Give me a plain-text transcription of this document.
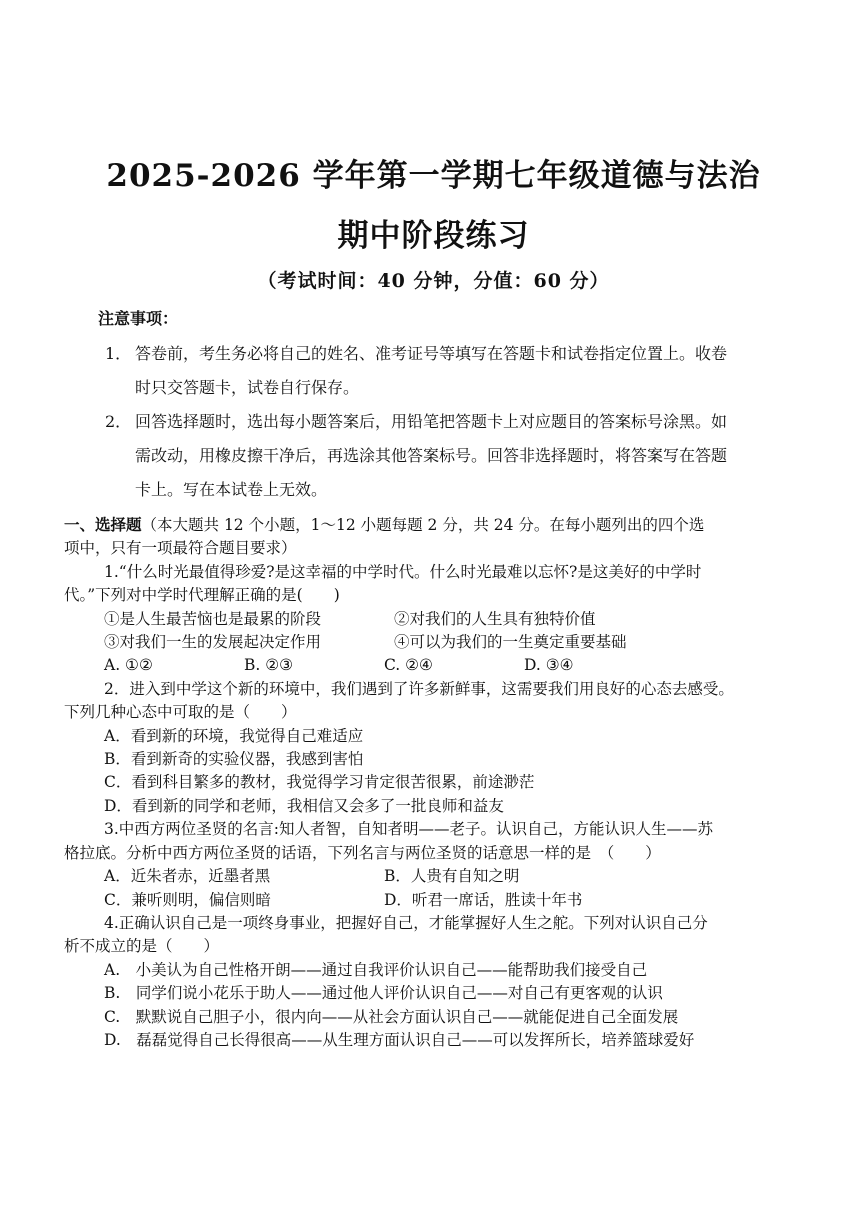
2025-2026 学年第一学期七年级道德与法治
期中阶段练习
（考试时间：40 分钟，分值：60 分）
注意事项：
1． 答卷前，考生务必将自己的姓名、准考证号等填写在答题卡和试卷指定位置上。收卷
时只交答题卡，试卷自行保存。
2． 回答选择题时，选出每小题答案后，用铅笔把答题卡上对应题目的答案标号涂黑。如
需改动，用橡皮擦干净后，再选涂其他答案标号。回答非选择题时，将答案写在答题
卡上。写在本试卷上无效。
一、选择题（本大题共 12 个小题，1～12 小题每题 2 分，共 24 分。在每小题列出的四个选
项中，只有一项最符合题目要求）
1.“什么时光最值得珍爱?是这幸福的中学时代。什么时光最难以忘怀?是这美好的中学时
代。”下列对中学时代理解正确的是(　　)
①是人生最苦恼也是最累的阶段	②对我们的人生具有独特价值
③对我们一生的发展起决定作用	④可以为我们的一生奠定重要基础
A. ①②	B. ②③	C. ②④	D. ③④
2．进入到中学这个新的环境中，我们遇到了许多新鲜事，这需要我们用良好的心态去感受。
下列几种心态中可取的是（　　）
A．看到新的环境，我觉得自己难适应
B．看到新奇的实验仪器，我感到害怕
C．看到科目繁多的教材，我觉得学习肯定很苦很累，前途渺茫
D．看到新的同学和老师，我相信又会多了一批良师和益友
3.中西方两位圣贤的名言:知人者智，自知者明——老子。认识自己，方能认识人生——苏
格拉底。分析中西方两位圣贤的话语，下列名言与两位圣贤的话意思一样的是　（　　）
A．近朱者赤，近墨者黑	B．人贵有自知之明
C．兼听则明，偏信则暗	D．听君一席话，胜读十年书
4.正确认识自己是一项终身事业，把握好自己，才能掌握好人生之舵。下列对认识自己分
析不成立的是（　　）
A.　小美认为自己性格开朗——通过自我评价认识自己——能帮助我们接受自己
B.　同学们说小花乐于助人——通过他人评价认识自己——对自己有更客观的认识
C.　默默说自己胆子小，很内向——从社会方面认识自己——就能促进自己全面发展
D.　磊磊觉得自己长得很高——从生理方面认识自己——可以发挥所长，培养篮球爱好
